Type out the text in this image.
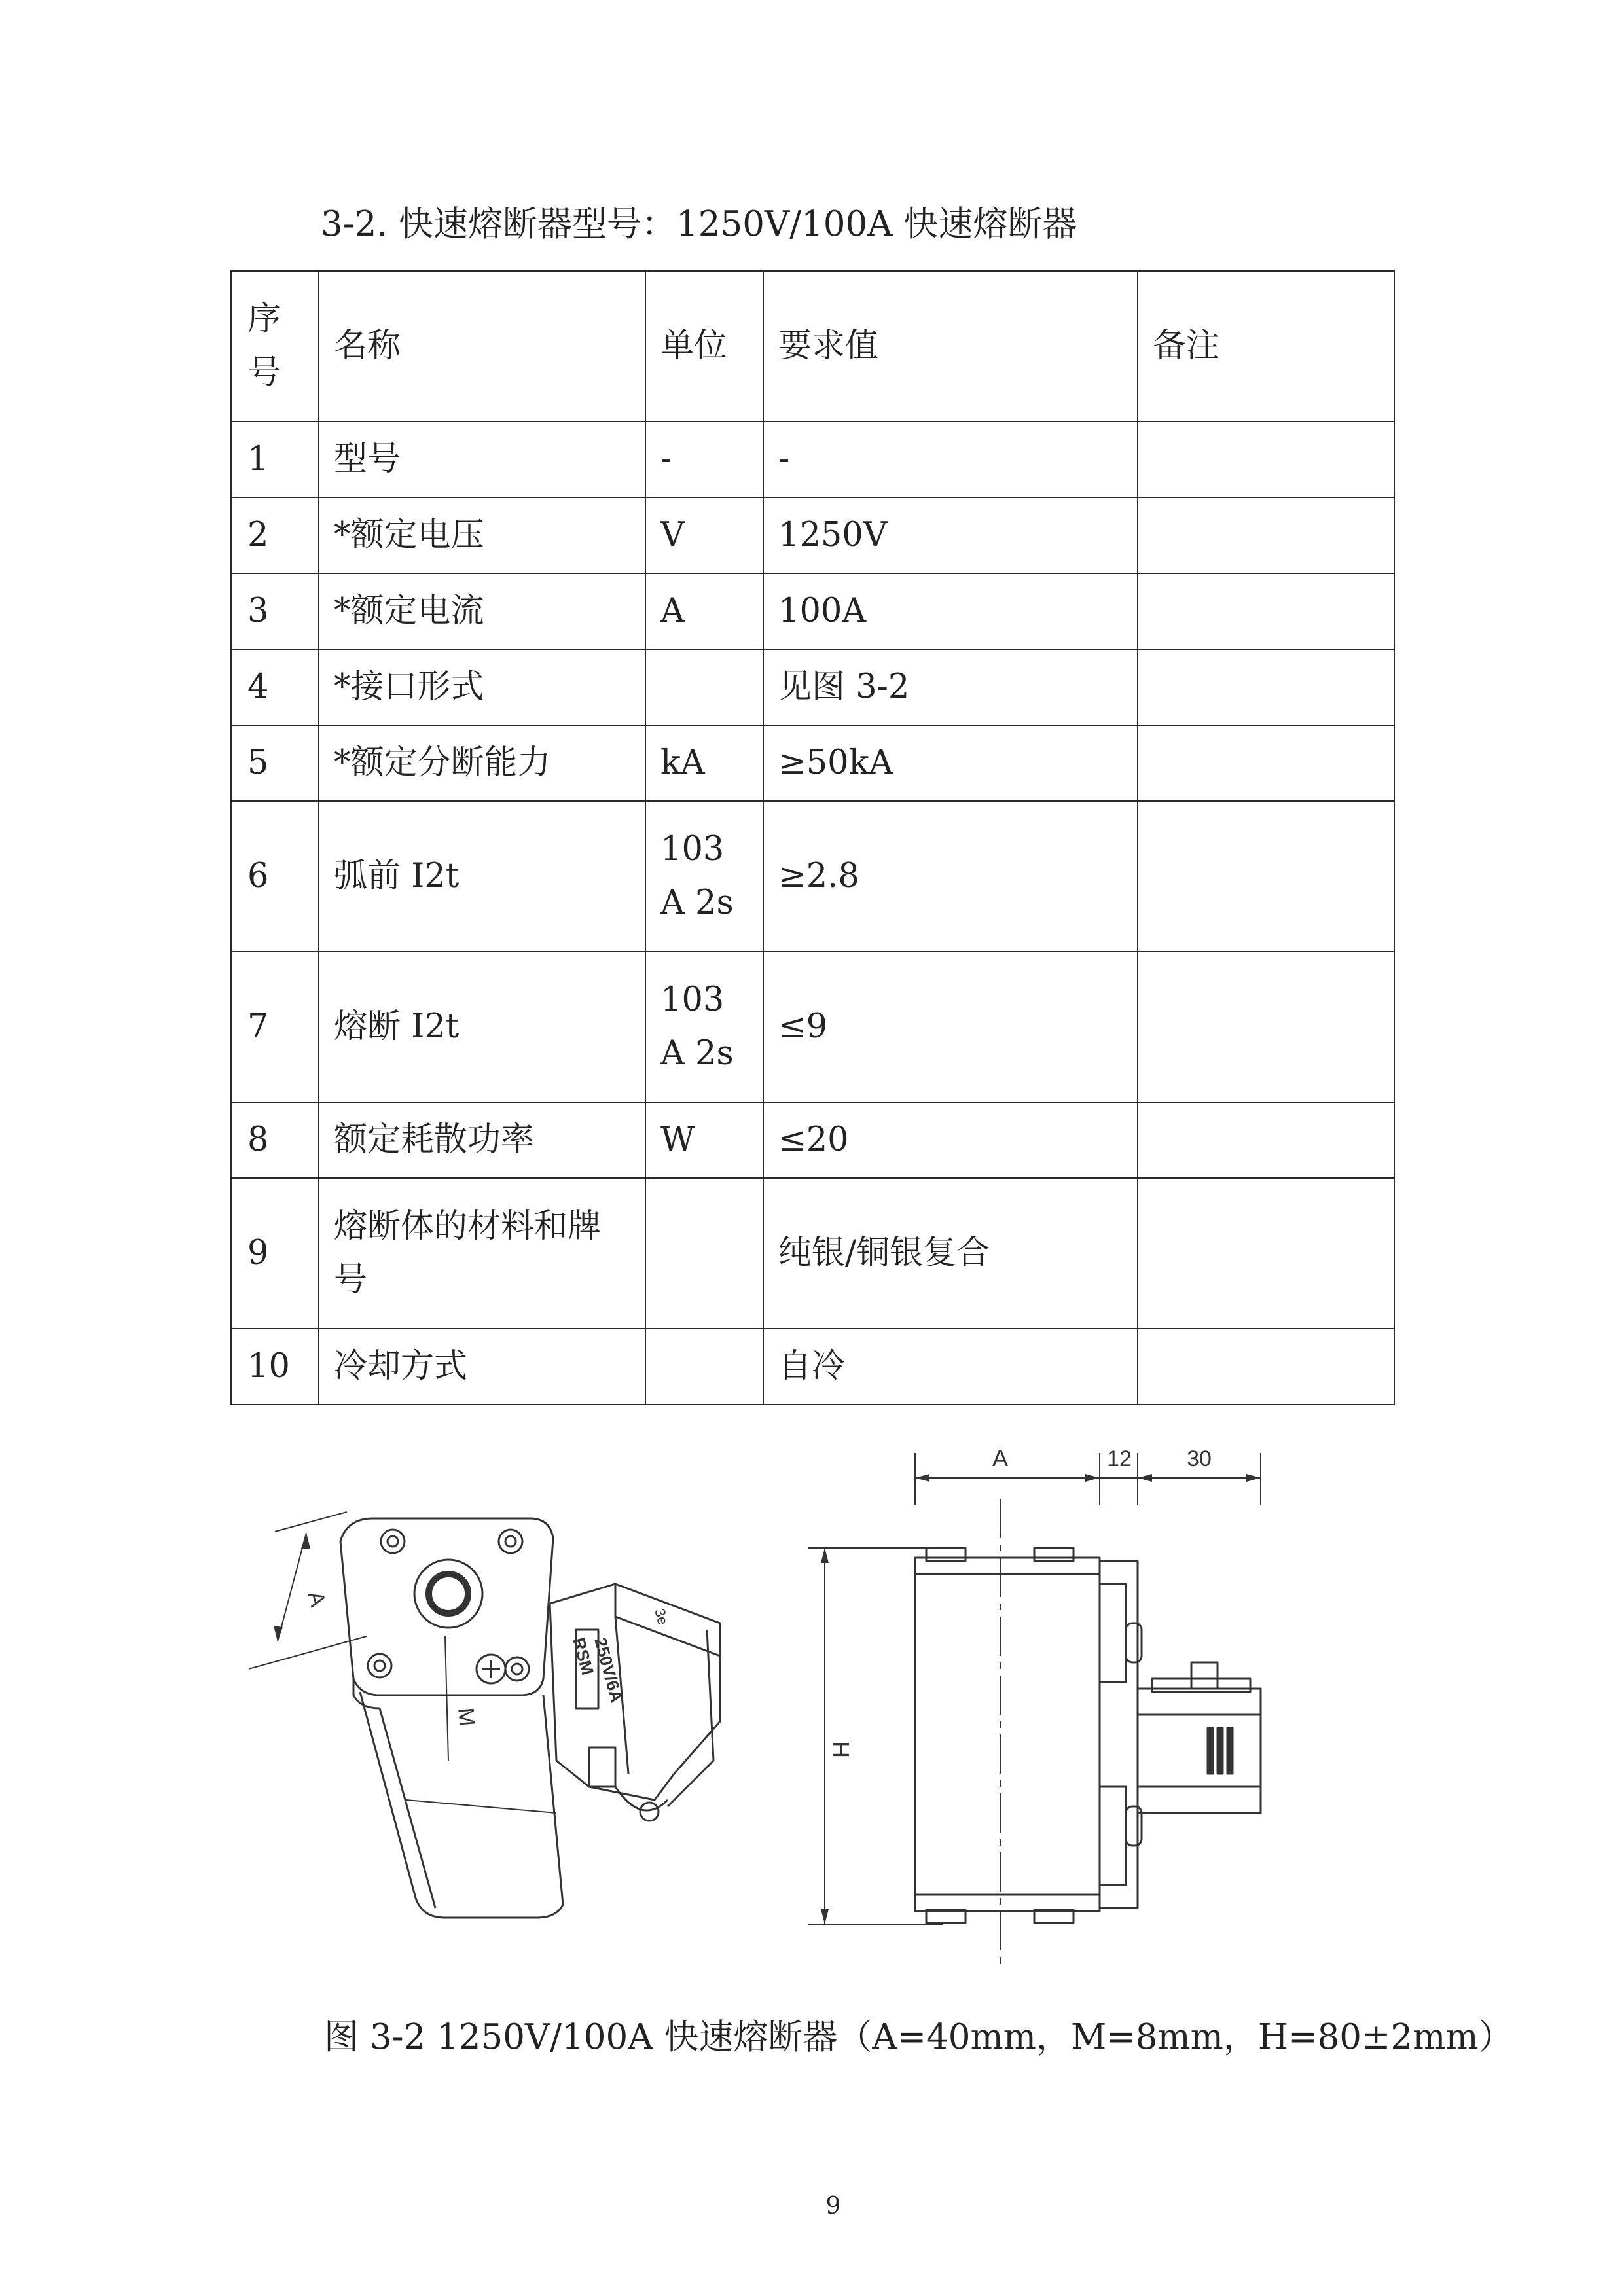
3-2. 快速熔断器型号：1250V/100A 快速熔断器
序号	名称	单位	要求值	备注
1	型号	-	-	
2	*额定电压	V	1250V	
3	*额定电流	A	100A	
4	*接口形式		见图 3-2	
5	*额定分断能力	kA	≥50kA	
6	弧前 I2t	103A 2s	≥2.8	
7	熔断 I2t	103A 2s	≤9	
8	额定耗散功率	W	≤20	
9	熔断体的材料和牌号		纯银/铜银复合	
10	冷却方式		自冷	
A
M
RSM
250V/6A
3e
A	12 30
H
图 3-2 1250V/100A 快速熔断器（A=40mm，M=8mm，H=80±2mm）
9
